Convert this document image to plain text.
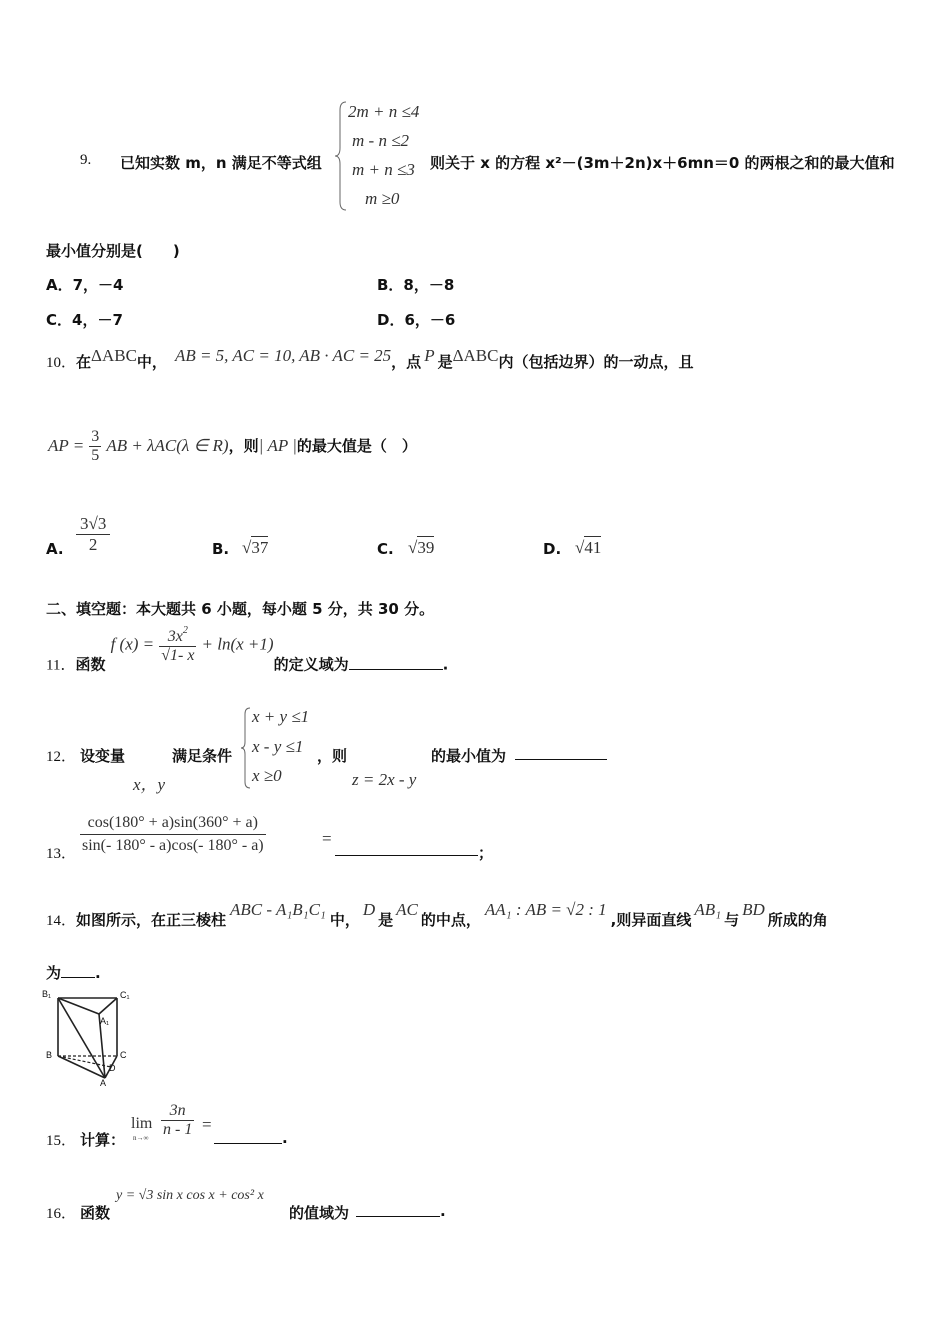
9. 已知实数 m，n 满足不等式组
2m + n ≤4
m - n ≤2
m + n ≤3
m ≥0
则关于 x 的方程 x²－(3m＋2n)x＋6mn＝0 的两根之和的最大值和
最小值分别是(　　)
A．7，－4	B．8，－8
C．4，－7	D．6，－6
10．在ΔABC中， AB = 5, AC = 10, AB · AC = 25，点 P 是ΔABC内（包括边界）的一动点，且
AP = $\frac{3}{5}$ AB + λAC(λ ∈ R)，则| AP |的最大值是（　）
A. $\frac{3√3}{2}$	B. √37	C. √39	D. √41
二、填空题：本大题共 6 小题，每小题 5 分，共 30 分。
11．函数 f $(x) = \frac{3x^2}{√1- x} + \ln(x +1)$的定义域为	.
12． 设变量
x，y
满足条件
x + y ≤1
x - y ≤1
x ≥0
，则
z = 2x - y
的最小值为
13． $\frac{\cos(180^\circ + a)\sin(360^\circ + a)}{\sin(- 180^\circ - a)\cos(- 180^\circ - a)}$	=
；
14．如图所示，在正三棱柱ABC - A₁B₁C₁中，D是AC的中点，AA₁ : AB = √2 : 1,则异面直线AB₁与BD所成的角
为 .
B₁	C₁
A₁
B	C
D
A
15． 计算：
lim
$n\to\infty \frac{3n}{n - 1}$ =
.
16． 函数
y = √3 sin x cos x + cos² x
的值域为	.
